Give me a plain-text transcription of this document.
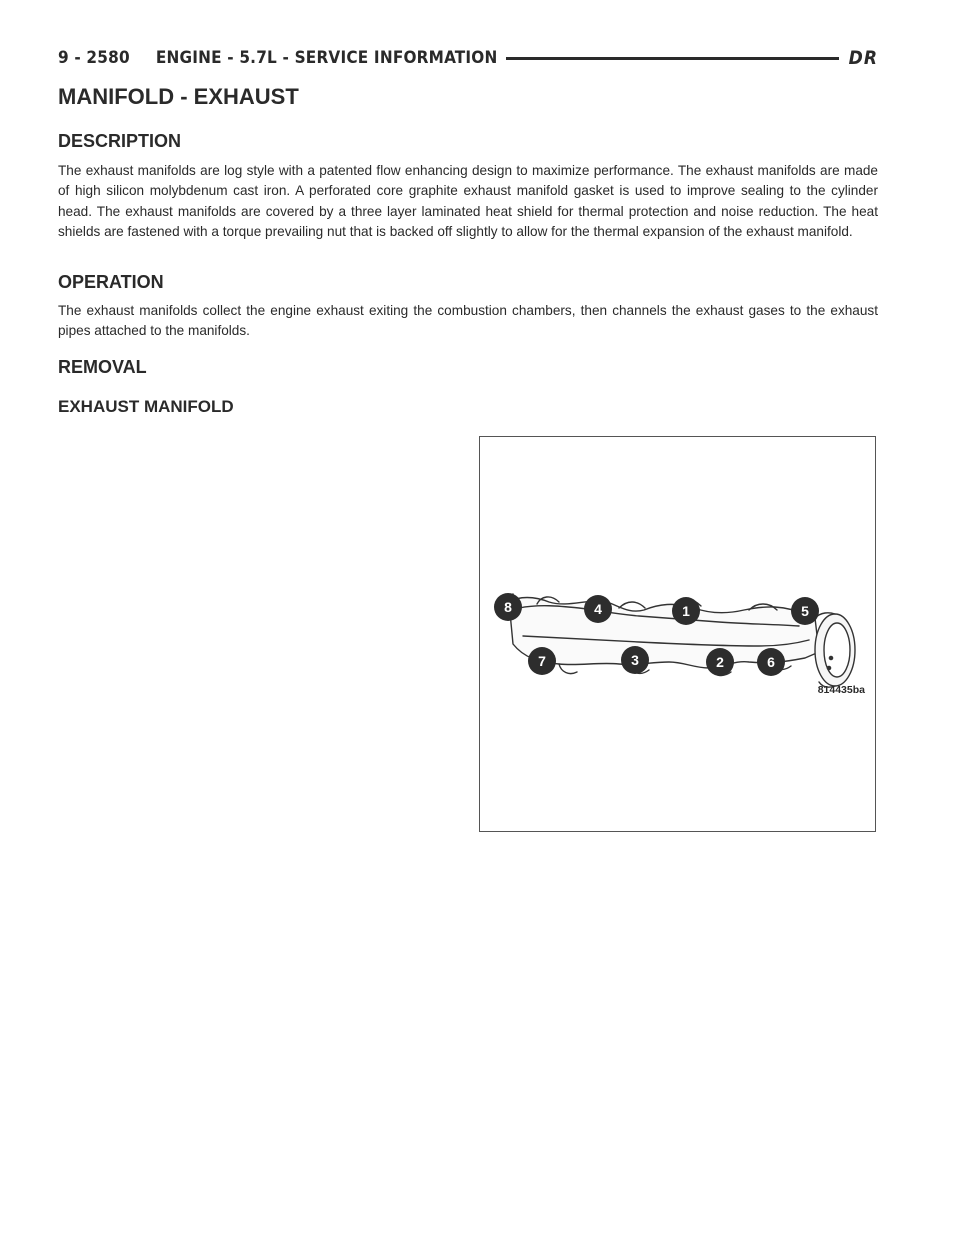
9 - 2580 ENGINE - 5.7L - SERVICE INFORMATION	DR
MANIFOLD - EXHAUST
DESCRIPTION

The exhaust manifolds are log style with a patented flow enhancing design to maximize performance. The exhaust manifolds are made of high silicon molybdenum cast iron. A perforated core graphite exhaust manifold gasket is used to improve sealing to the cylinder head. The exhaust manifolds are covered by a three layer laminated heat shield for thermal protection and noise reduction. The heat shields are fastened with a torque prevailing nut that is backed off slightly to allow for the thermal expansion of the exhaust manifold.

OPERATION

The exhaust manifolds collect the engine exhaust exiting the combustion chambers, then channels the exhaust gases to the exhaust pipes attached to the manifolds.

REMOVAL
EXHAUST MANIFOLD
8	4	1	5
7	3	2	6
814435ba
